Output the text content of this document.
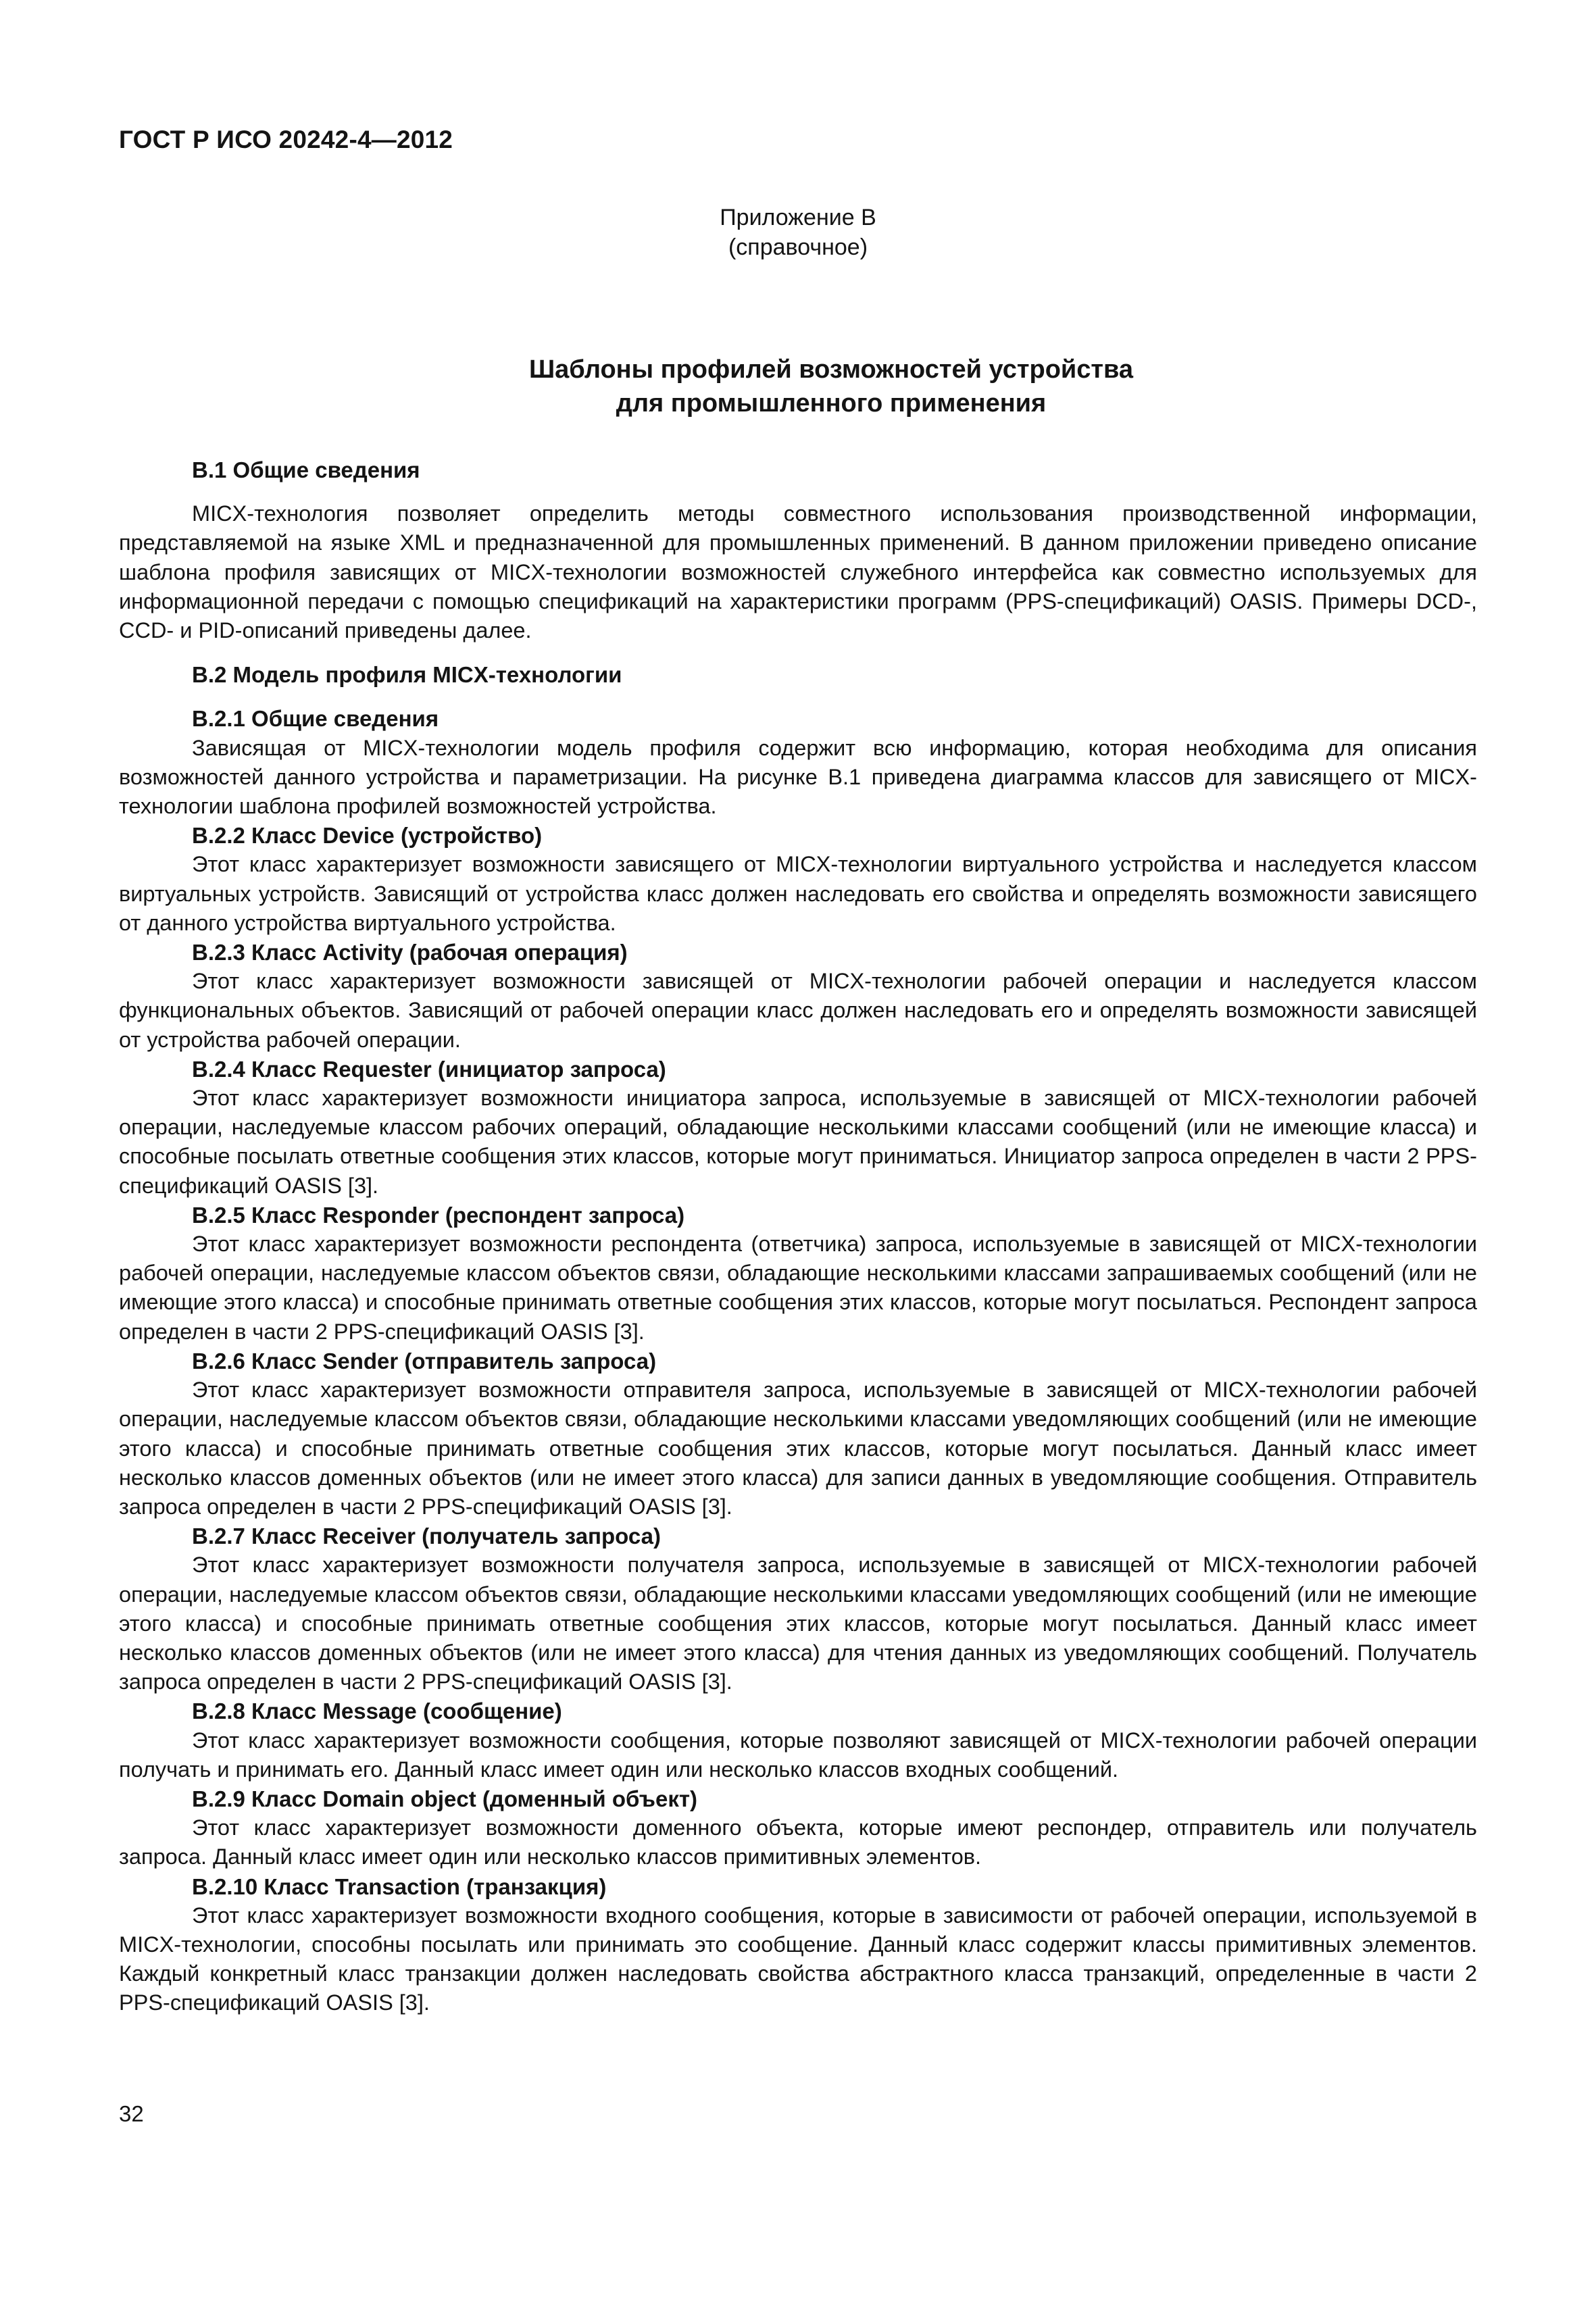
ГОСТ Р ИСО 20242-4—2012
Приложение В
(справочное)
Шаблоны профилей возможностей устройства
для промышленного применения
В.1 Общие сведения

MICX-технология позволяет определить методы совместного использования производственной информации, представляемой на языке XML и предназначенной для промышленных применений. В данном приложении приведено описание шаблона профиля зависящих от MICX-технологии возможностей служебного интерфейса как совместно используемых для информационной передачи с помощью спецификаций на характеристики программ (PPS-спецификаций) OASIS. Примеры DCD-, CCD- и PID-описаний приведены далее.

В.2 Модель профиля MICX-технологии
В.2.1 Общие сведения

Зависящая от MICX-технологии модель профиля содержит всю информацию, которая необходима для описания возможностей данного устройства и параметризации. На рисунке В.1 приведена диаграмма классов для зависящего от MICX-технологии шаблона профилей возможностей устройства.

В.2.2 Класс Device (устройство)

Этот класс характеризует возможности зависящего от MICX-технологии виртуального устройства и наследуется классом виртуальных устройств. Зависящий от устройства класс должен наследовать его свойства и определять возможности зависящего от данного устройства виртуального устройства.

В.2.3 Класс Activity (рабочая операция)

Этот класс характеризует возможности зависящей от MICX-технологии рабочей операции и наследуется классом функциональных объектов. Зависящий от рабочей операции класс должен наследовать его и определять возможности зависящей от устройства рабочей операции.

В.2.4 Класс Requester (инициатор запроса)

Этот класс характеризует возможности инициатора запроса, используемые в зависящей от MICX-технологии рабочей операции, наследуемые классом рабочих операций, обладающие несколькими классами сообщений (или не имеющие класса) и способные посылать ответные сообщения этих классов, которые могут приниматься. Инициатор запроса определен в части 2 PPS-спецификаций OASIS [3].

В.2.5 Класс Responder (респондент запроса)

Этот класс характеризует возможности респондента (ответчика) запроса, используемые в зависящей от MICX-технологии рабочей операции, наследуемые классом объектов связи, обладающие несколькими классами запрашиваемых сообщений (или не имеющие этого класса) и способные принимать ответные сообщения этих классов, которые могут посылаться. Респондент запроса определен в части 2 PPS-спецификаций OASIS [3].

В.2.6 Класс Sender (отправитель запроса)

Этот класс характеризует возможности отправителя запроса, используемые в зависящей от MICX-технологии рабочей операции, наследуемые классом объектов связи, обладающие несколькими классами уведомляющих сообщений (или не имеющие этого класса) и способные принимать ответные сообщения этих классов, которые могут посылаться. Данный класс имеет несколько классов доменных объектов (или не имеет этого класса) для записи данных в уведомляющие сообщения. Отправитель запроса определен в части 2 PPS-спецификаций OASIS [3].

В.2.7 Класс Receiver (получатель запроса)

Этот класс характеризует возможности получателя запроса, используемые в зависящей от MICX-технологии рабочей операции, наследуемые классом объектов связи, обладающие несколькими классами уведомляющих сообщений (или не имеющие этого класса) и способные принимать ответные сообщения этих классов, которые могут посылаться. Данный класс имеет несколько классов доменных объектов (или не имеет этого класса) для чтения данных из уведомляющих сообщений. Получатель запроса определен в части 2 PPS-спецификаций OASIS [3].

В.2.8 Класс Message (сообщение)

Этот класс характеризует возможности сообщения, которые позволяют зависящей от MICX-технологии рабочей операции получать и принимать его. Данный класс имеет один или несколько классов входных сообщений.

В.2.9 Класс Domain object (доменный объект)

Этот класс характеризует возможности доменного объекта, которые имеют респондер, отправитель или получатель запроса. Данный класс имеет один или несколько классов примитивных элементов.

В.2.10 Класс Transaction (транзакция)

Этот класс характеризует возможности входного сообщения, которые в зависимости от рабочей операции, используемой в MICX-технологии, способны посылать или принимать это сообщение. Данный класс содержит классы примитивных элементов. Каждый конкретный класс транзакции должен наследовать свойства абстрактного класса транзакций, определенные в части 2 PPS-спецификаций OASIS [3].

32
